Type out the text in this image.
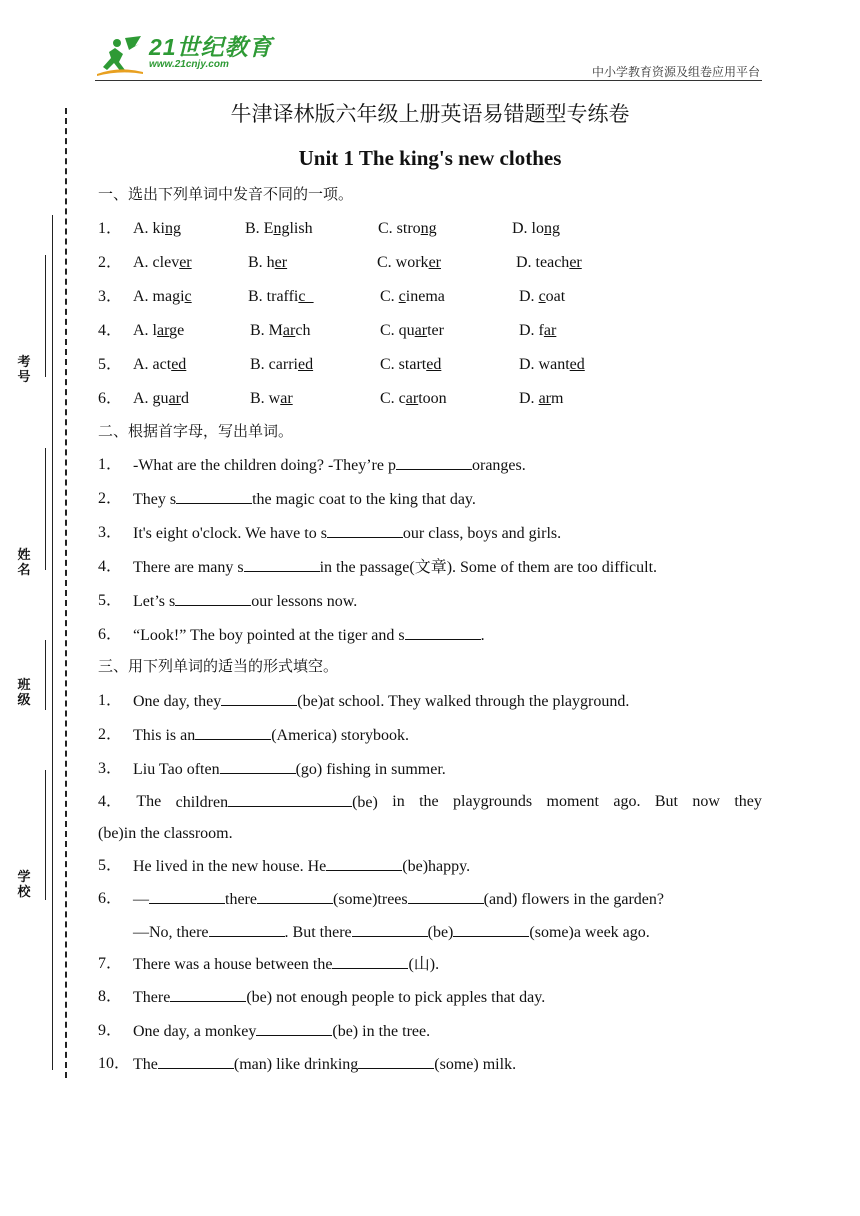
21世纪教育
www.21cnjy.com
中小学教育资源及组卷应用平台
考号
姓名
班级
学校
牛津译林版六年级上册英语易错题型专练卷
Unit 1 The king's new clothes
一、选出下列单词中发音不同的一项。
1． A. king	B. English	C. strong	D. long
2． A. clever	B. her	C. worker	D. teacher
3． A. magic	B. traffic_	C. cinema	D. coat
4． A. large	B. March	C. quarter	D. far
5． A. acted	B. carried	C. started	D. wanted
6． A. guard	B. war	C. cartoon	D. arm
二、根据首字母，写出单词。
1． -What are the children doing? -They’re p	oranges.
2． They s	the magic coat to the king that day.
3． It's eight o'clock. We have to s	our class, boys and girls.
4． There are many s	in the passage(文章). Some of them are too difficult.
5． Let’s s	our lessons now.
6． “Look!” The boy pointed at the tiger and s	.
三、用下列单词的适当的形式填空。
1． One day, they	(be)at school. They walked through the playground.
2． This is an	(America) storybook.
3． Liu Tao often	(go) fishing in summer.
4． The children	(be) in the playgrounds moment ago. But now they
(be)in the classroom.
5． He lived in the new house. He	(be)happy.
6． —	there	(some)trees	(and) flowers in the garden?
—No, there	. But there	(be)	(some)a week ago.
7． There was a house between the	(山).
8． There	(be) not enough people to pick apples that day.
9． One day, a monkey	(be) in the tree.
10． The	(man) like drinking	(some) milk.
